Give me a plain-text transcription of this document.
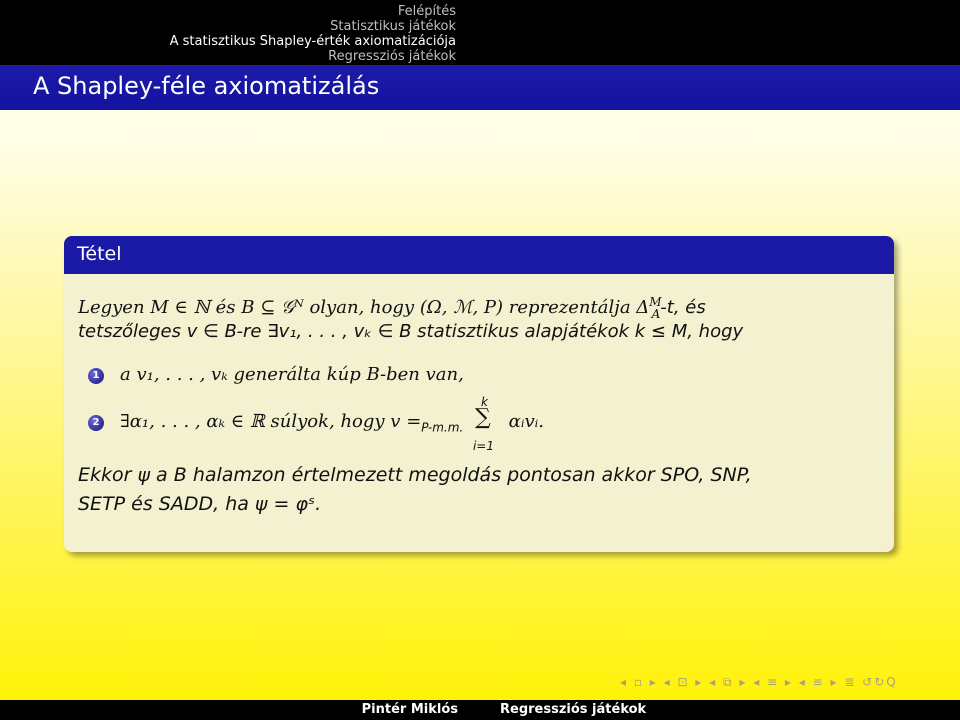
Felépítés
Statisztikus játékok
A statisztikus Shapley-érték axiomatizációja
Regressziós játékok
A Shapley-féle axiomatizálás
Tétel
Legyen M ∈ ℕ és B ⊆ 𝒢ᴺ olyan, hogy (Ω, ℳ, P) reprezentálja $\Delta^M_A-t$, és
tetszőleges v ∈ B-re ∃v₁, . . . , vₖ ∈ B statisztikus alapjátékok k ≤ M, hogy
1 a v₁, . . . , vₖ generálta kúp B-ben van,
2 ∃α₁, . . . , αₖ ∈ ℝ súlyok, hogy $v =_{P-m.m.}$
k
∑
i=1
αᵢvᵢ.
Ekkor ψ a B halamzon értelmezett megoldás pontosan akkor SPO, SNP,
SETP és SADD, ha ψ = φˢ.
◂ ▫ ▸ ◂ ⊡ ▸ ◂ ⧉ ▸ ◂ ≡ ▸ ◂ ≡ ▸ ≣ ↺↻Q
Pintér Miklós	Regressziós játékok
